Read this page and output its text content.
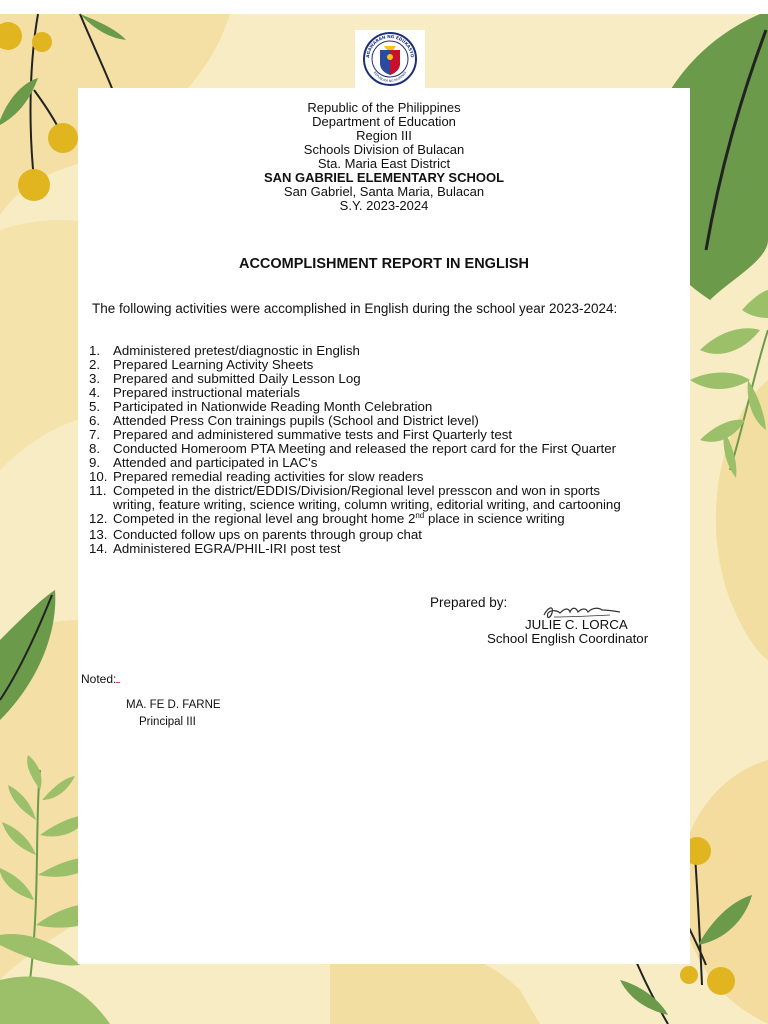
AGAWARAN NG EDUKASYO
REPUBLIKA NG PILIPINAS
Republic of the Philippines
Department of Education
Region III
Schools Division of Bulacan
Sta. Maria East District
SAN GABRIEL ELEMENTARY SCHOOL
San Gabriel, Santa Maria, Bulacan
S.Y. 2023-2024
ACCOMPLISHMENT REPORT IN ENGLISH
The following activities were accomplished in English during the school year 2023-2024:
1. Administered pretest/diagnostic in English
2. Prepared Learning Activity Sheets
3. Prepared and submitted Daily Lesson Log
4. Prepared instructional materials
5. Participated in Nationwide Reading Month Celebration
6. Attended Press Con trainings pupils (School and District level)
7. Prepared and administered summative tests and First Quarterly test
8. Conducted Homeroom PTA Meeting and released the report card for the First Quarter
9. Attended and participated in LAC's
10. Prepared remedial reading activities for slow readers
11. Competed in the district/EDDIS/Division/Regional level presscon and won in sports
writing, feature writing, science writing, column writing, editorial writing, and cartooning
12. Competed in the regional level ang brought home 2nd place in science writing
13. Conducted follow ups on parents through group chat
14. Administered EGRA/PHIL-IRI post test
Prepared by:
JULIE C. LORCA
School English Coordinator
Noted:
MA. FE D. FARNE
Principal III
